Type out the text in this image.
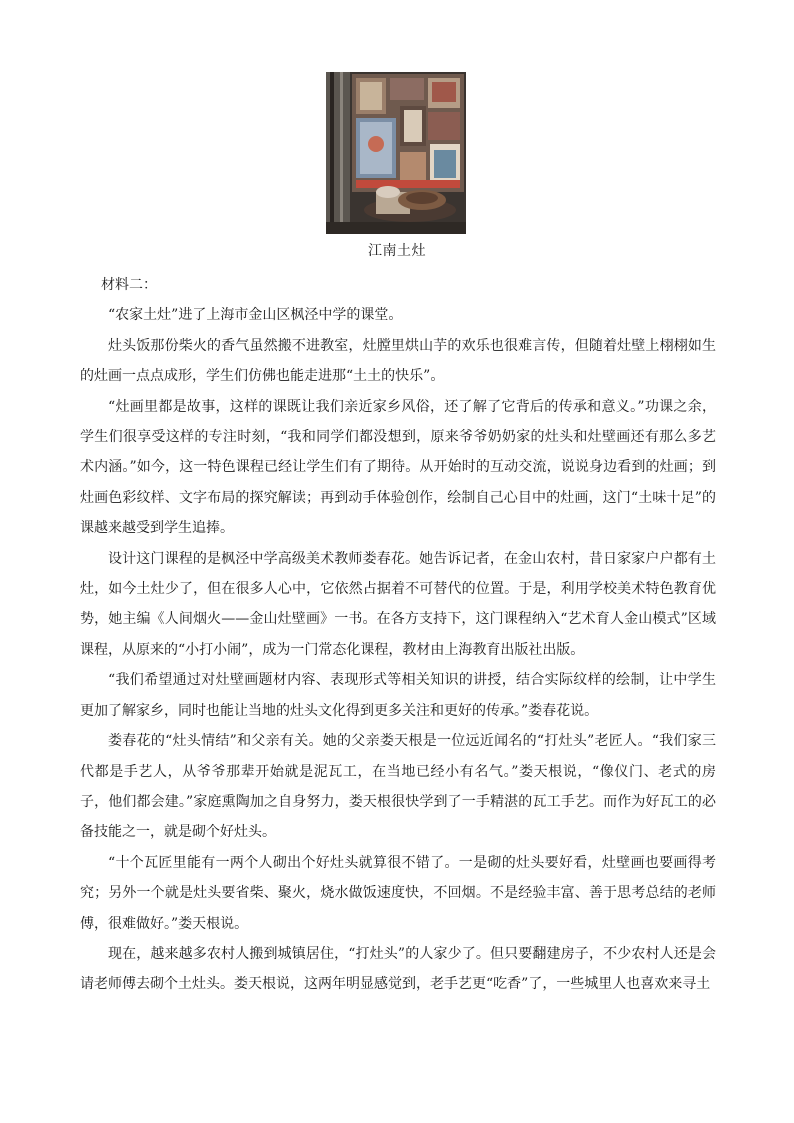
江南土灶

材料二：

“农家土灶”进了上海市金山区枫泾中学的课堂。

灶头饭那份柴火的香气虽然搬不进教室，灶膛里烘山芋的欢乐也很难言传，但随着灶壁上栩栩如生的灶画一点点成形，学生们仿佛也能走进那“土土的快乐”。

“灶画里都是故事，这样的课既让我们亲近家乡风俗，还了解了它背后的传承和意义。”功课之余，学生们很享受这样的专注时刻，“我和同学们都没想到，原来爷爷奶奶家的灶头和灶壁画还有那么多艺术内涵。”如今，这一特色课程已经让学生们有了期待。从开始时的互动交流，说说身边看到的灶画；到灶画色彩纹样、文字布局的探究解读；再到动手体验创作，绘制自己心目中的灶画，这门“土味十足”的课越来越受到学生追捧。

设计这门课程的是枫泾中学高级美术教师娄春花。她告诉记者，在金山农村，昔日家家户户都有土灶，如今土灶少了，但在很多人心中，它依然占据着不可替代的位置。于是，利用学校美术特色教育优势，她主编《人间烟火——金山灶壁画》一书。在各方支持下，这门课程纳入“艺术育人金山模式”区域课程，从原来的“小打小闹”，成为一门常态化课程，教材由上海教育出版社出版。

“我们希望通过对灶壁画题材内容、表现形式等相关知识的讲授，结合实际纹样的绘制，让中学生更加了解家乡，同时也能让当地的灶头文化得到更多关注和更好的传承。”娄春花说。

娄春花的“灶头情结”和父亲有关。她的父亲娄天根是一位远近闻名的“打灶头”老匠人。“我们家三代都是手艺人，从爷爷那辈开始就是泥瓦工，在当地已经小有名气。”娄天根说，“像仪门、老式的房子，他们都会建。”家庭熏陶加之自身努力，娄天根很快学到了一手精湛的瓦工手艺。而作为好瓦工的必备技能之一，就是砌个好灶头。

“十个瓦匠里能有一两个人砌出个好灶头就算很不错了。一是砌的灶头要好看，灶壁画也要画得考究；另外一个就是灶头要省柴、聚火，烧水做饭速度快，不回烟。不是经验丰富、善于思考总结的老师傅，很难做好。”娄天根说。

现在，越来越多农村人搬到城镇居住，“打灶头”的人家少了。但只要翻建房子，不少农村人还是会请老师傅去砌个土灶头。娄天根说，这两年明显感觉到，老手艺更“吃香”了，一些城里人也喜欢来寻土
